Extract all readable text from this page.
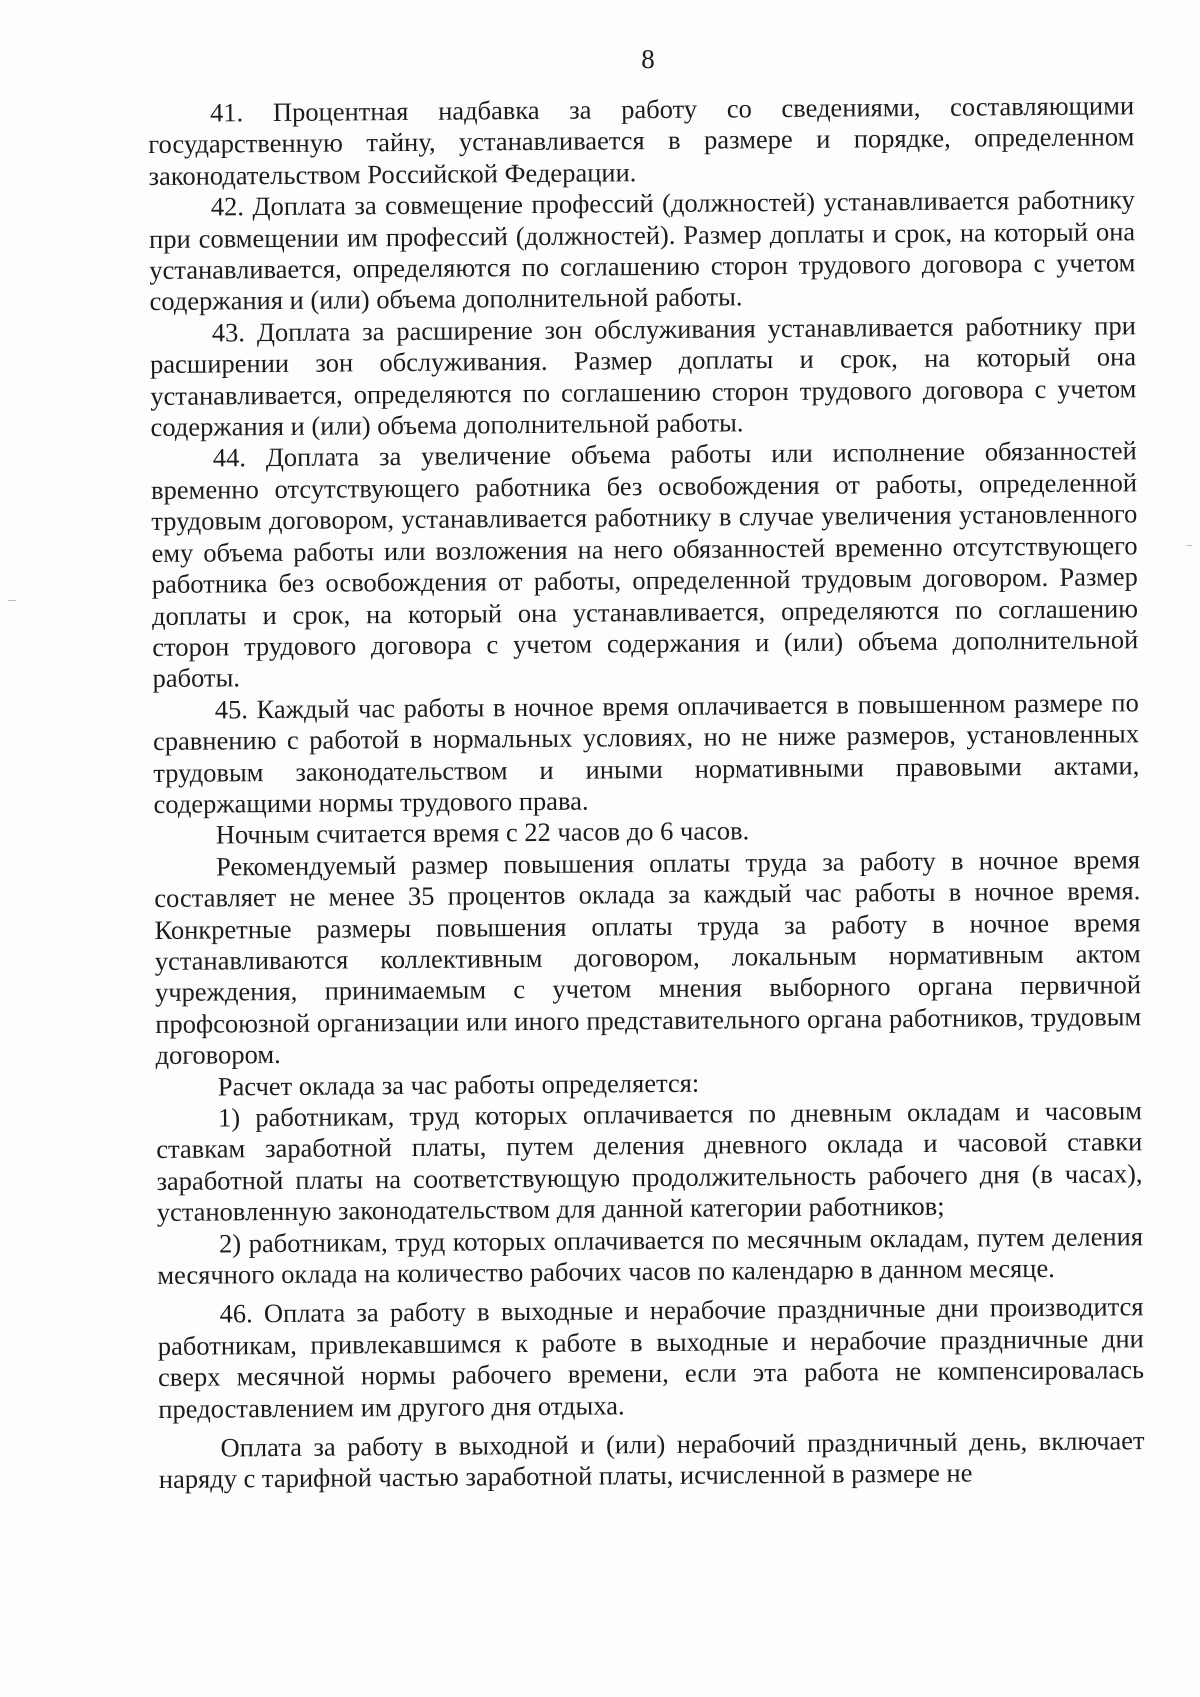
8

41. Процентная надбавка за работу со сведениями, составляющими государственную тайну, устанавливается в размере и порядке, определенном законодательством Российской Федерации.

42. Доплата за совмещение профессий (должностей) устанавливается работнику при совмещении им профессий (должностей). Размер доплаты и срок, на который она устанавливается, определяются по соглашению сторон трудового договора с учетом содержания и (или) объема дополнительной работы.

43. Доплата за расширение зон обслуживания устанавливается работнику при расширении зон обслуживания. Размер доплаты и срок, на который она устанавливается, определяются по соглашению сторон трудового договора с учетом содержания и (или) объема дополнительной работы.

44. Доплата за увеличение объема работы или исполнение обязанностей временно отсутствующего работника без освобождения от работы, определенной трудовым договором, устанавливается работнику в случае увеличения установленного ему объема работы или возложения на него обязанностей временно отсутствующего работника без освобождения от работы, определенной трудовым договором. Размер доплаты и срок, на который она устанавливается, определяются по соглашению сторон трудового договора с учетом содержания и (или) объема дополнительной работы.

45. Каждый час работы в ночное время оплачивается в повышенном размере по сравнению с работой в нормальных условиях, но не ниже размеров, установленных трудовым законодательством и иными нормативными правовыми актами, содержащими нормы трудового права.

Ночным считается время с 22 часов до 6 часов.

Рекомендуемый размер повышения оплаты труда за работу в ночное время составляет не менее 35 процентов оклада за каждый час работы в ночное время. Конкретные размеры повышения оплаты труда за работу в ночное время устанавливаются коллективным договором, локальным нормативным актом учреждения, принимаемым с учетом мнения выборного органа первичной профсоюзной организации или иного представительного органа работников, трудовым договором.

Расчет оклада за час работы определяется:

1) работникам, труд которых оплачивается по дневным окладам и часовым ставкам заработной платы, путем деления дневного оклада и часовой ставки заработной платы на соответствующую продолжительность рабочего дня (в часах), установленную законодательством для данной категории работников;

2) работникам, труд которых оплачивается по месячным окладам, путем деления месячного оклада на количество рабочих часов по календарю в данном месяце.

46. Оплата за работу в выходные и нерабочие праздничные дни производится работникам, привлекавшимся к работе в выходные и нерабочие праздничные дни сверх месячной нормы рабочего времени, если эта работа не компенсировалась предоставлением им другого дня отдыха.

Оплата за работу в выходной и (или) нерабочий праздничный день, включает наряду с тарифной частью заработной платы, исчисленной в размере не
